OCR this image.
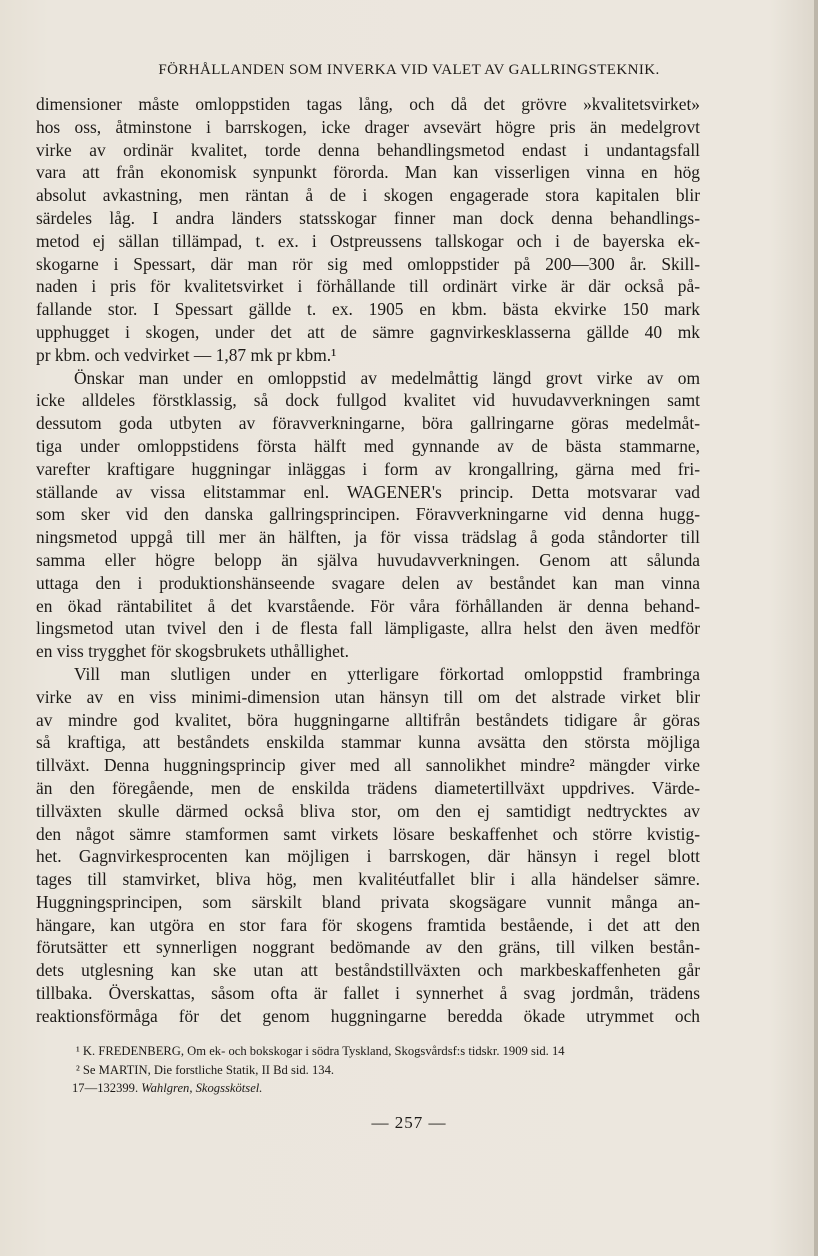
FÖRHÅLLANDEN SOM INVERKA VID VALET AV GALLRINGSTEKNIK.
dimensioner måste omloppstiden tagas lång, och då det grövre »kvalitetsvirket»
hos oss, åtminstone i barrskogen, icke drager avsevärt högre pris än medelgrovt
virke av ordinär kvalitet, torde denna behandlingsmetod endast i undantagsfall
vara att från ekonomisk synpunkt förorda. Man kan visserligen vinna en hög
absolut avkastning, men räntan å de i skogen engagerade stora kapitalen blir
särdeles låg. I andra länders statsskogar finner man dock denna behandlings-
metod ej sällan tillämpad, t. ex. i Ostpreussens tallskogar och i de bayerska ek-
skogarne i Spessart, där man rör sig med omloppstider på 200—300 år. Skill-
naden i pris för kvalitetsvirket i förhållande till ordinärt virke är där också på-
fallande stor. I Spessart gällde t. ex. 1905 en kbm. bästa ekvirke 150 mark
upphugget i skogen, under det att de sämre gagnvirkesklasserna gällde 40 mk
pr kbm. och vedvirket — 1,87 mk pr kbm.¹
Önskar man under en omloppstid av medelmåttig längd grovt virke av om
icke alldeles förstklassig, så dock fullgod kvalitet vid huvudavverkningen samt
dessutom goda utbyten av föravverkningarne, böra gallringarne göras medelmåt-
tiga under omloppstidens första hälft med gynnande av de bästa stammarne,
varefter kraftigare huggningar inläggas i form av krongallring, gärna med fri-
ställande av vissa elitstammar enl. WAGENER's princip. Detta motsvarar vad
som sker vid den danska gallringsprincipen. Föravverkningarne vid denna hugg-
ningsmetod uppgå till mer än hälften, ja för vissa trädslag å goda ståndorter till
samma eller högre belopp än själva huvudavverkningen. Genom att sålunda
uttaga den i produktionshänseende svagare delen av beståndet kan man vinna
en ökad räntabilitet å det kvarstående. För våra förhållanden är denna behand-
lingsmetod utan tvivel den i de flesta fall lämpligaste, allra helst den även medför
en viss trygghet för skogsbrukets uthållighet.
Vill man slutligen under en ytterligare förkortad omloppstid frambringa
virke av en viss minimi-dimension utan hänsyn till om det alstrade virket blir
av mindre god kvalitet, böra huggningarne alltifrån beståndets tidigare år göras
så kraftiga, att beståndets enskilda stammar kunna avsätta den största möjliga
tillväxt. Denna huggningsprincip giver med all sannolikhet mindre² mängder virke
än den föregående, men de enskilda trädens diametertillväxt uppdrives. Värde-
tillväxten skulle därmed också bliva stor, om den ej samtidigt nedtrycktes av
den något sämre stamformen samt virkets lösare beskaffenhet och större kvistig-
het. Gagnvirkesprocenten kan möjligen i barrskogen, där hänsyn i regel blott
tages till stamvirket, bliva hög, men kvalitéutfallet blir i alla händelser sämre.
Huggningsprincipen, som särskilt bland privata skogsägare vunnit många an-
hängare, kan utgöra en stor fara för skogens framtida bestående, i det att den
förutsätter ett synnerligen noggrant bedömande av den gräns, till vilken bestån-
dets utglesning kan ske utan att beståndstillväxten och markbeskaffenheten går
tillbaka. Överskattas, såsom ofta är fallet i synnerhet å svag jordmån, trädens
reaktionsförmåga för det genom huggningarne beredda ökade utrymmet och
¹ K. FREDENBERG, Om ek- och bokskogar i södra Tyskland, Skogsvårdsf:s tidskr. 1909 sid. 14
² Se MARTIN, Die forstliche Statik, II Bd sid. 134.
17—132399. Wahlgren, Skogsskötsel.
— 257 —
